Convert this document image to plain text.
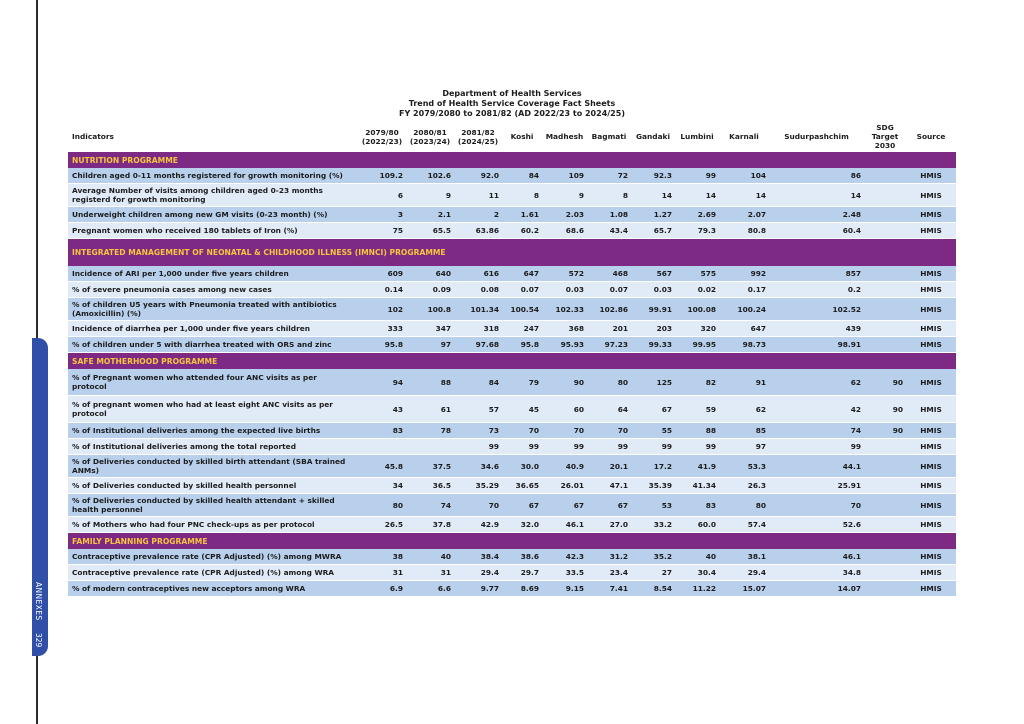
ANNEXES
329
Department of Health Services
Trend of Health Service Coverage Fact Sheets
FY 2079/2080 to 2081/82 (AD 2022/23 to 2024/25)
Indicators	2079/80 (2022/23)	2080/81 (2023/24)	2081/82 (2024/25)	Koshi	Madhesh	Bagmati	Gandaki	Lumbini	Karnali	Sudurpashchim	SDG Target 2030	Source
NUTRITION PROGRAMME												
Children aged 0-11 months registered for growth monitoring (%)	109.2	102.6	92.0	84	109	72	92.3	99	104	86		HMIS
Average Number of visits among children aged 0-23 months registerd for growth monitoring	6	9	11	8	9	8	14	14	14	14		HMIS
Underweight children among new GM visits (0-23 month) (%)	3	2.1	2	1.61	2.03	1.08	1.27	2.69	2.07	2.48		HMIS
Pregnant women who received 180 tablets of Iron (%)	75	65.5	63.86	60.2	68.6	43.4	65.7	79.3	80.8	60.4		HMIS
INTEGRATED MANAGEMENT OF NEONATAL & CHILDHOOD ILLNESS (IMNCI) PROGRAMME												
Incidence of ARI per 1,000 under five years children	609	640	616	647	572	468	567	575	992	857		HMIS
% of severe pneumonia cases among new cases	0.14	0.09	0.08	0.07	0.03	0.07	0.03	0.02	0.17	0.2		HMIS
% of children U5 years with Pneumonia treated with antibiotics (Amoxicillin) (%)	102	100.8	101.34	100.54	102.33	102.86	99.91	100.08	100.24	102.52		HMIS
Incidence of diarrhea per 1,000 under five years children	333	347	318	247	368	201	203	320	647	439		HMIS
% of children under 5 with diarrhea treated with ORS and zinc	95.8	97	97.68	95.8	95.93	97.23	99.33	99.95	98.73	98.91		HMIS
SAFE MOTHERHOOD PROGRAMME												
% of Pregnant women who attended four ANC visits as per protocol	94	88	84	79	90	80	125	82	91	62	90	HMIS
% of pregnant women who had at least eight ANC visits as per protocol	43	61	57	45	60	64	67	59	62	42	90	HMIS
% of Institutional deliveries among the expected live births	83	78	73	70	70	70	55	88	85	74	90	HMIS
% of Institutional deliveries among the total reported			99	99	99	99	99	99	97	99		HMIS
% of Deliveries conducted by skilled birth attendant (SBA trained ANMs)	45.8	37.5	34.6	30.0	40.9	20.1	17.2	41.9	53.3	44.1		HMIS
% of Deliveries conducted by skilled health personnel	34	36.5	35.29	36.65	26.01	47.1	35.39	41.34	26.3	25.91		HMIS
% of Deliveries conducted by skilled health attendant + skilled health personnel	80	74	70	67	67	67	53	83	80	70		HMIS
% of Mothers who had four PNC check-ups as per protocol	26.5	37.8	42.9	32.0	46.1	27.0	33.2	60.0	57.4	52.6		HMIS
FAMILY PLANNING PROGRAMME												
Contraceptive prevalence rate (CPR Adjusted) (%) among MWRA	38	40	38.4	38.6	42.3	31.2	35.2	40	38.1	46.1		HMIS
Contraceptive prevalence rate (CPR Adjusted) (%) among WRA	31	31	29.4	29.7	33.5	23.4	27	30.4	29.4	34.8		HMIS
% of modern contraceptives new acceptors among WRA	6.9	6.6	9.77	8.69	9.15	7.41	8.54	11.22	15.07	14.07		HMIS
